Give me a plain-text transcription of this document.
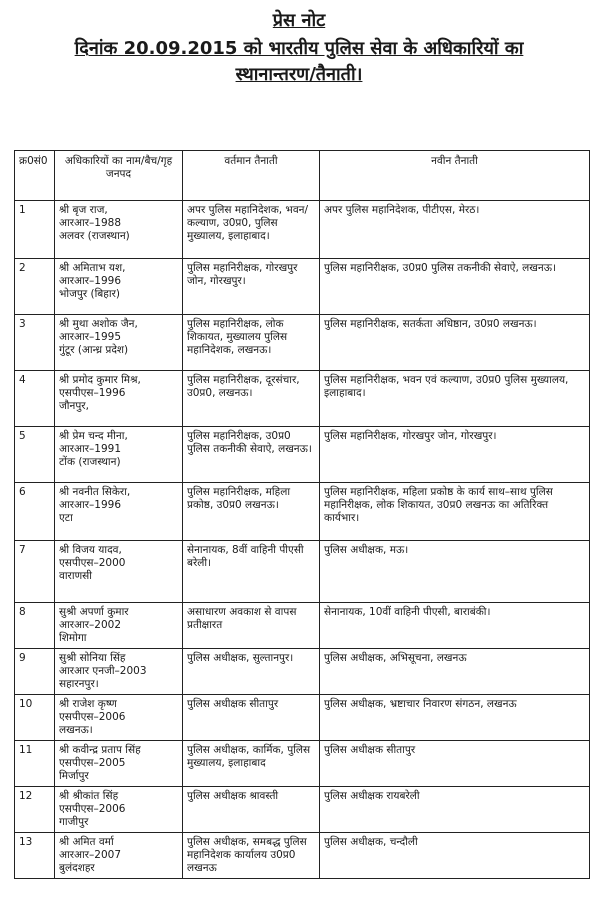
प्रेस नोट
दिनांक 20.09.2015 को भारतीय पुलिस सेवा के अधिकारियों का
स्थानान्तरण/तैनाती।
क्र0सं0	अधिकारियों का नाम/बैच/गृह जनपद	वर्तमान तैनाती	नवीन तैनाती
1	श्री बृज राज,
आरआर–1988
अलवर (राजस्थान)	अपर पुलिस महानिदेशक, भवन/कल्याण, उ0प्र0, पुलिस मुख्यालय, इलाहाबाद।	अपर पुलिस महानिदेशक, पीटीएस, मेरठ।
2	श्री अमिताभ यश,
आरआर–1996
भोजपुर (बिहार)	पुलिस महानिरीक्षक, गोरखपुर जोन, गोरखपुर।	पुलिस महानिरीक्षक, उ0प्र0 पुलिस तकनीकी सेवाऐ, लखनऊ।
3	श्री मुथा अशोक जैन,
आरआर–1995
गुंटूर (आन्ध्र प्रदेश)	पुलिस महानिरीक्षक, लोक शिकायत, मुख्यालय पुलिस महानिदेशक, लखनऊ।	पुलिस महानिरीक्षक, सतर्कता अधिष्ठान, उ0प्र0 लखनऊ।
4	श्री प्रमोद कुमार मिश्र,
एसपीएस–1996
जौनपुर,	पुलिस महानिरीक्षक, दूरसंचार, उ0प्र0, लखनऊ।	पुलिस महानिरीक्षक, भवन एवं कल्याण, उ0प्र0 पुलिस मुख्यालय, इलाहाबाद।
5	श्री प्रेम चन्द मीना,
आरआर–1991
टोंक (राजस्थान)	पुलिस महानिरीक्षक, उ0प्र0 पुलिस तकनीकी सेवाऐ, लखनऊ।	पुलिस महानिरीक्षक, गोरखपुर जोन, गोरखपुर।
6	श्री नवनीत सिकेरा,
आरआर–1996
एटा	पुलिस महानिरीक्षक, महिला प्रकोष्ठ, उ0प्र0 लखनऊ।	पुलिस महानिरीक्षक, महिला प्रकोष्ठ के कार्य साथ–साथ पुलिस महानिरीक्षक, लोक शिकायत, उ0प्र0 लखनऊ का अतिरिक्त कार्यभार।
7	श्री विजय यादव,
एसपीएस–2000
वाराणसी	सेनानायक, 8वीं वाहिनी पीएसी बरेली।	पुलिस अधीक्षक, मऊ।
8	सुश्री अपर्णा कुमार
आरआर–2002
शिमोगा	असाधारण अवकाश से वापस प्रतीक्षारत	सेनानायक, 10वीं वाहिनी पीएसी, बाराबंकी।
9	सुश्री सोनिया सिंह
आरआर एनजी–2003
सहारनपुर।	पुलिस अधीक्षक, सुल्तानपुर।	पुलिस अधीक्षक, अभिसूचना, लखनऊ
10	श्री राजेश कृष्ण
एसपीएस–2006
लखनऊ।	पुलिस अधीक्षक सीतापुर	पुलिस अधीक्षक, भ्रष्टाचार निवारण संगठन, लखनऊ
11	श्री कवीन्द्र प्रताप सिंह
एसपीएस–2005
मिर्जापुर	पुलिस अधीक्षक, कार्मिक, पुलिस मुख्यालय, इलाहाबाद	पुलिस अधीक्षक सीतापुर
12	श्री श्रीकांत सिंह
एसपीएस–2006
गाजीपुर	पुलिस अधीक्षक श्रावस्ती	पुलिस अधीक्षक रायबरेली
13	श्री अमित वर्मा
आरआर–2007
बुलंदशहर	पुलिस अधीक्षक, समबद्ध पुलिस महानिदेशक कार्यालय उ0प्र0 लखनऊ	पुलिस अधीक्षक, चन्दौली
